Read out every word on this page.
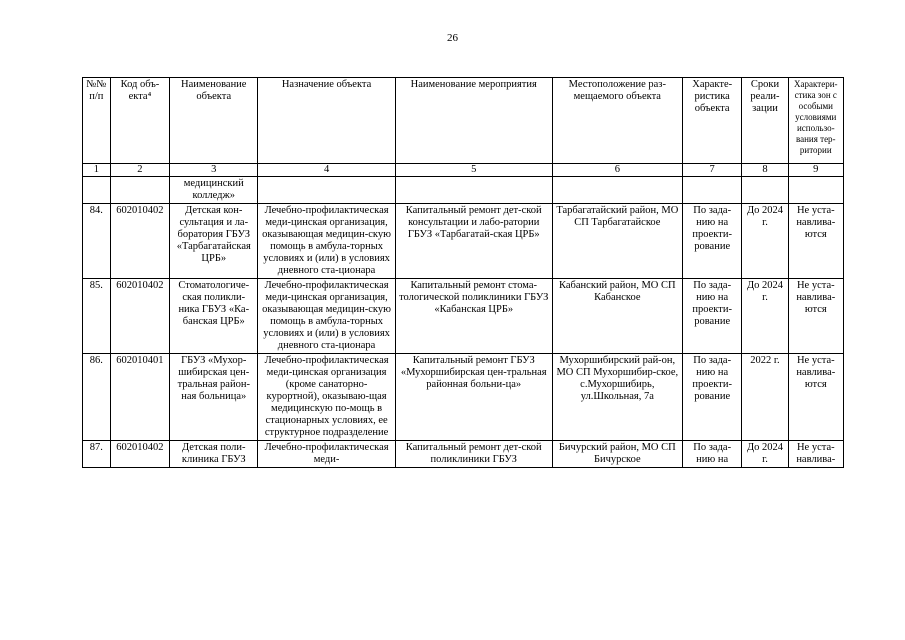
26
№№ п/п	Код объ-екта⁴	Наименование объекта	Назначение объекта	Наименование мероприятия	Местоположение раз-мещаемого объекта	Характе-ристика объекта	Сроки реали-зации	Характери-стика зон с особыми условиями использо-вания тер-ритории
1	2	3	4	5	6	7	8	9
		медицинский колледж»						
84.	602010402	Детская кон-сультация и ла-боратория ГБУЗ «Тарбагатайская ЦРБ»	Лечебно-профилактическая меди-цинская организация, оказывающая медицин-скую помощь в амбула-торных условиях и (или) в условиях дневного ста-ционара	Капитальный ремонт дет-ской консультации и лабо-ратории ГБУЗ «Тарбагатай-ская ЦРБ»	Тарбагатайский район, МО СП Тарбагатайское	По зада-нию на проекти-рование	До 2024 г.	Не уста-навлива-ются
85.	602010402	Стоматологиче-ская поликли-ника ГБУЗ «Ка-банская ЦРБ»	Лечебно-профилактическая меди-цинская организация, оказывающая медицин-скую помощь в амбула-торных условиях и (или) в условиях дневного ста-ционара	Капитальный ремонт стома-тологической поликлиники ГБУЗ «Кабанская ЦРБ»	Кабанский район, МО СП Кабанское	По зада-нию на проекти-рование	До 2024 г.	Не уста-навлива-ются
86.	602010401	ГБУЗ «Мухор-шибирская цен-тральная район-ная больница»	Лечебно-профилактическая меди-цинская организация (кроме санаторно-курортной), оказываю-щая медицинскую по-мощь в стационарных условиях, ее структурное подразделение	Капитальный ремонт ГБУЗ «Мухоршибирская цен-тральная районная больни-ца»	Мухоршибирский рай-он, МО СП Мухоршибир-ское, с.Мухоршибирь, ул.Школьная, 7а	По зада-нию на проекти-рование	2022 г.	Не уста-навлива-ются
87.	602010402	Детская поли-клиника ГБУЗ	Лечебно-профилактическая меди-	Капитальный ремонт дет-ской поликлиники ГБУЗ	Бичурский район, МО СП Бичурское	По зада-нию на	До 2024 г.	Не уста-навлива-
